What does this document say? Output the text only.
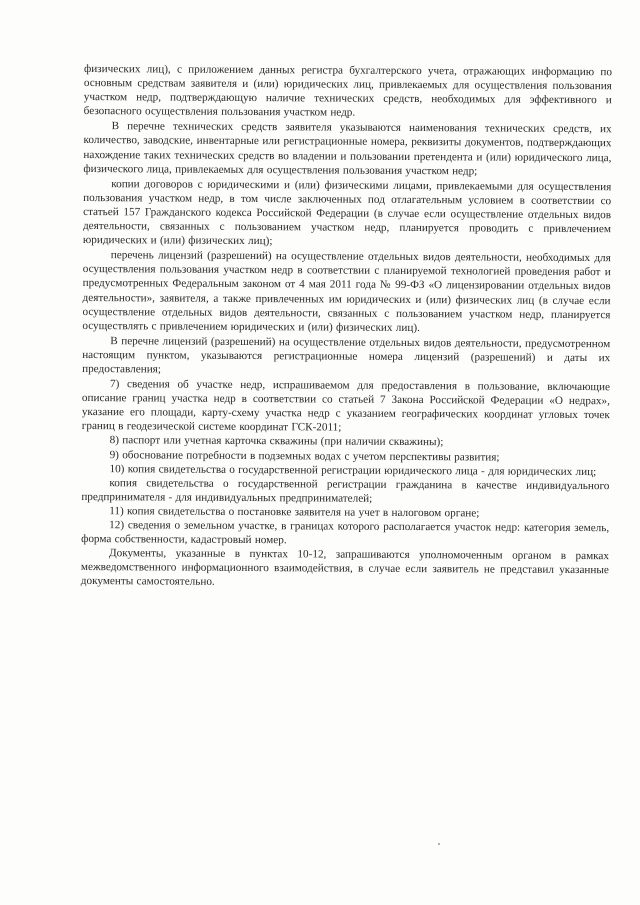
физических лиц), с приложением данных регистра бухгалтерского учета, отражающих информацию по основным средствам заявителя и (или) юридических лиц, привлекаемых для осуществления пользования участком недр, подтверждающую наличие технических средств, необходимых для эффективного и безопасного осуществления пользования участком недр.

В перечне технических средств заявителя указываются наименования технических средств, их количество, заводские, инвентарные или регистрационные номера, реквизиты документов, подтверждающих нахождение таких технических средств во владении и пользовании претендента и (или) юридического лица, физического лица, привлекаемых для осуществления пользования участком недр;

копии договоров с юридическими и (или) физическими лицами, привлекаемыми для осуществления пользования участком недр, в том числе заключенных под отлагательным условием в соответствии со статьей 157 Гражданского кодекса Российской Федерации (в случае если осуществление отдельных видов деятельности, связанных с пользованием участком недр, планируется проводить с привлечением юридических и (или) физических лиц);

перечень лицензий (разрешений) на осуществление отдельных видов деятельности, необходимых для осуществления пользования участком недр в соответствии с планируемой технологией проведения работ и предусмотренных Федеральным законом от 4 мая 2011 года № 99-ФЗ «О лицензировании отдельных видов деятельности», заявителя, а также привлеченных им юридических и (или) физических лиц (в случае если осуществление отдельных видов деятельности, связанных с пользованием участком недр, планируется осуществлять с привлечением юридических и (или) физических лиц).

В перечне лицензий (разрешений) на осуществление отдельных видов деятельности, предусмотренном настоящим пунктом, указываются регистрационные номера лицензий (разрешений) и даты их предоставления;

7) сведения об участке недр, испрашиваемом для предоставления в пользование, включающие описание границ участка недр в соответствии со статьей 7 Закона Российской Федерации «О недрах», указание его площади, карту-схему участка недр с указанием географических координат угловых точек границ в геодезической системе координат ГСК-2011;

8) паспорт или учетная карточка скважины (при наличии скважины);

9) обоснование потребности в подземных водах с учетом перспективы развития;

10) копия свидетельства о государственной регистрации юридического лица - для юридических лиц;

копия свидетельства о государственной регистрации гражданина в качестве индивидуального предпринимателя - для индивидуальных предпринимателей;

11) копия свидетельства о постановке заявителя на учет в налоговом органе;

12) сведения о земельном участке, в границах которого располагается участок недр: категория земель, форма собственности, кадастровый номер.

Документы, указанные в пунктах 10-12, запрашиваются уполномоченным органом в рамках межведомственного информационного взаимодействия, в случае если заявитель не представил указанные документы самостоятельно.
